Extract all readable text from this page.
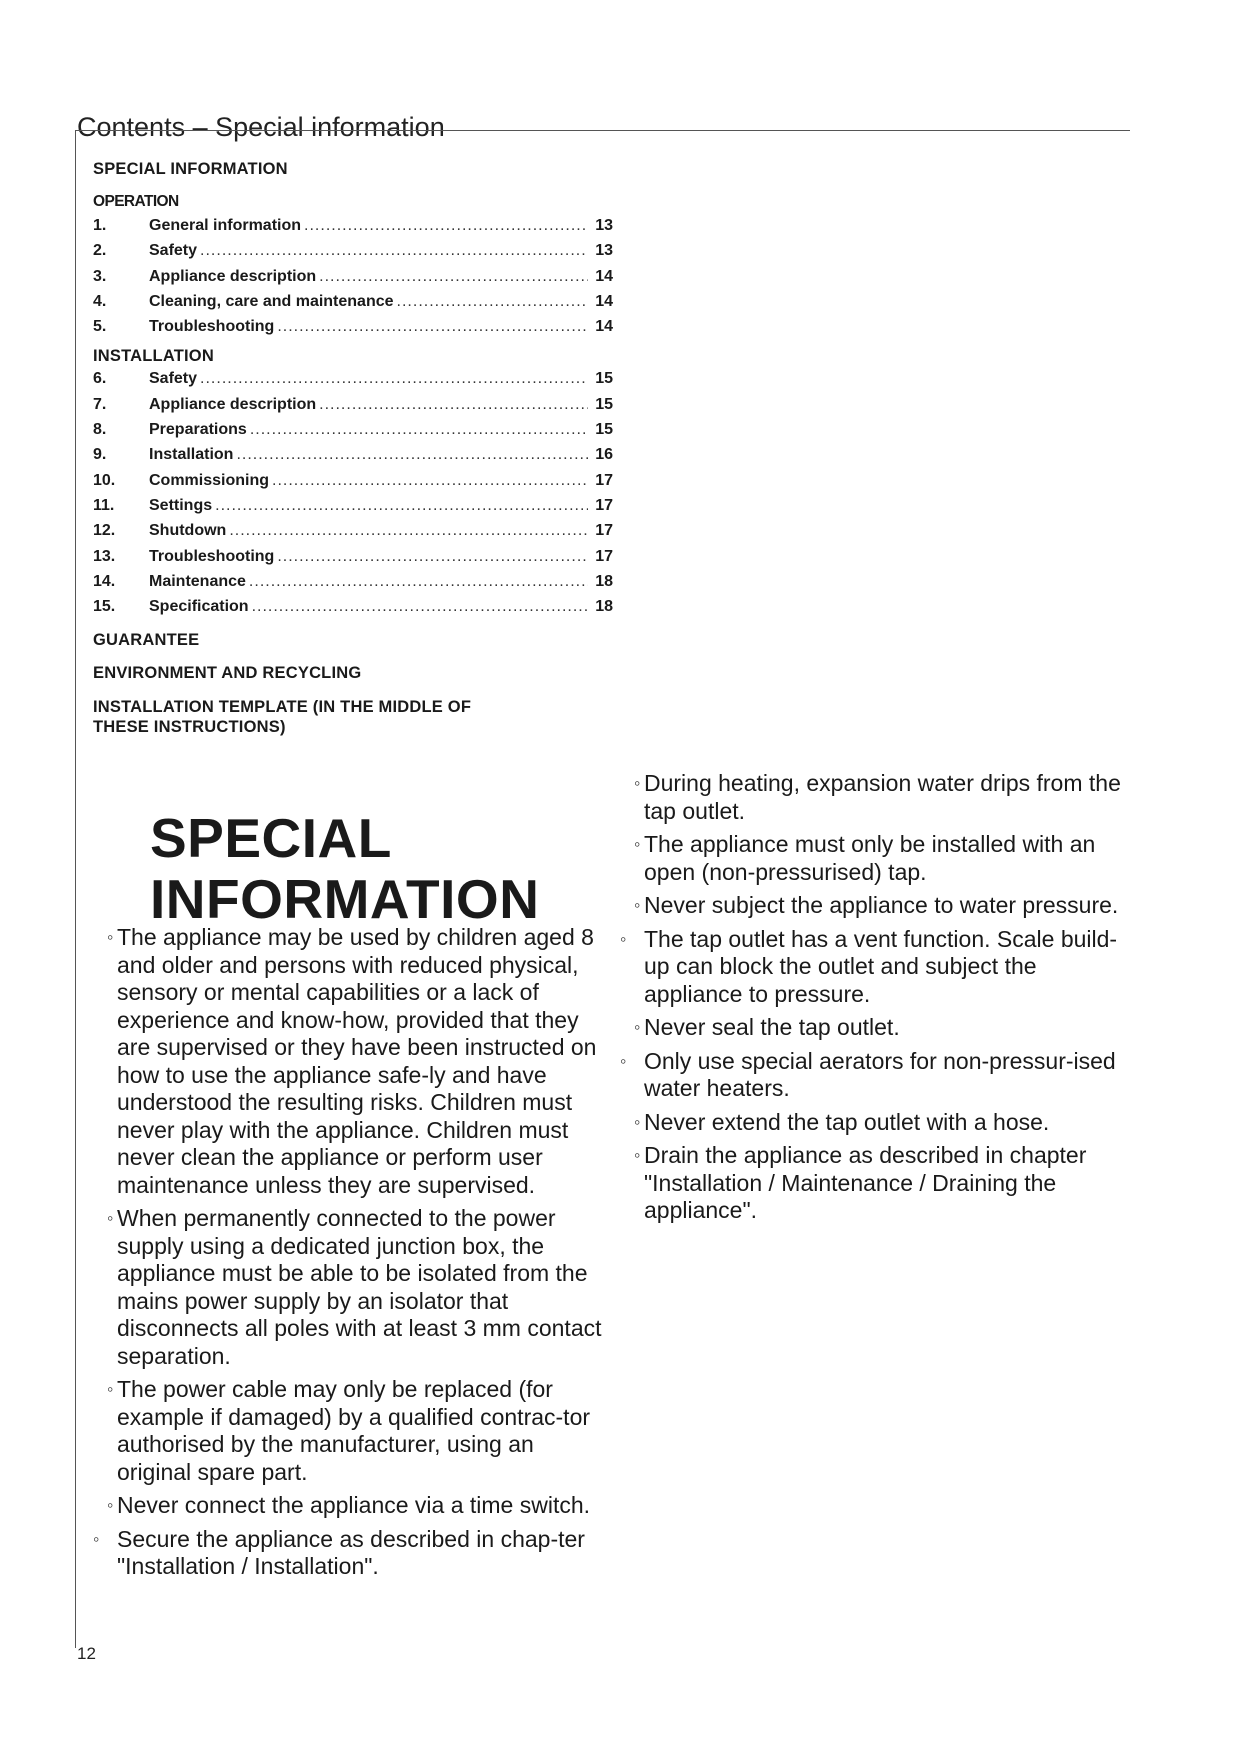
Contents – Special information
SPECIAL INFORMATION
OPERATION
1.	General information .....	13
2.	Safety .....	13
3.	Appliance description .....	14
4.	Cleaning, care and maintenance .....	14
5.	Troubleshooting .....	14
INSTALLATION
6.	Safety .....	15
7.	Appliance description .....	15
8.	Preparations .....	15
9.	Installation .....	16
10.	Commissioning .....	17
11.	Settings .....	17
12.	Shutdown .....	17
13.	Troubleshooting .....	17
14.	Maintenance .....	18
15.	Specification .....	18
GUARANTEE
ENVIRONMENT AND RECYCLING
INSTALLATION TEMPLATE (IN THE MIDDLE OF THESE INSTRUCTIONS)
SPECIAL
INFORMATION
◦ The appliance may be used by children aged 8 and older and persons with reduced physical, sensory or mental capabilities or a lack of experience and know-how, provided that they are supervised or they have been instructed on how to use the appliance safe-ly and have understood the resulting risks. Children must never play with the appliance. Children must never clean the appliance or perform user maintenance unless they are supervised.
◦ When permanently connected to the power supply using a dedicated junction box, the appliance must be able to be isolated from the mains power supply by an isolator that disconnects all poles with at least 3 mm contact separation.
◦ The power cable may only be replaced (for example if damaged) by a qualified contrac-tor authorised by the manufacturer, using an original spare part.
◦ Never connect the appliance via a time switch.
◦ Secure the appliance as described in chap-ter "Installation / Installation".
◦ During heating, expansion water drips from the tap outlet.
◦ The appliance must only be installed with an open (non-pressurised) tap.
◦ Never subject the appliance to water pressure.
◦ The tap outlet has a vent function. Scale build-up can block the outlet and subject the appliance to pressure.
◦ Never seal the tap outlet.
◦ Only use special aerators for non-pressur-ised water heaters.
◦ Never extend the tap outlet with a hose.
◦ Drain the appliance as described in chapter "Installation / Maintenance / Draining the appliance".
12
